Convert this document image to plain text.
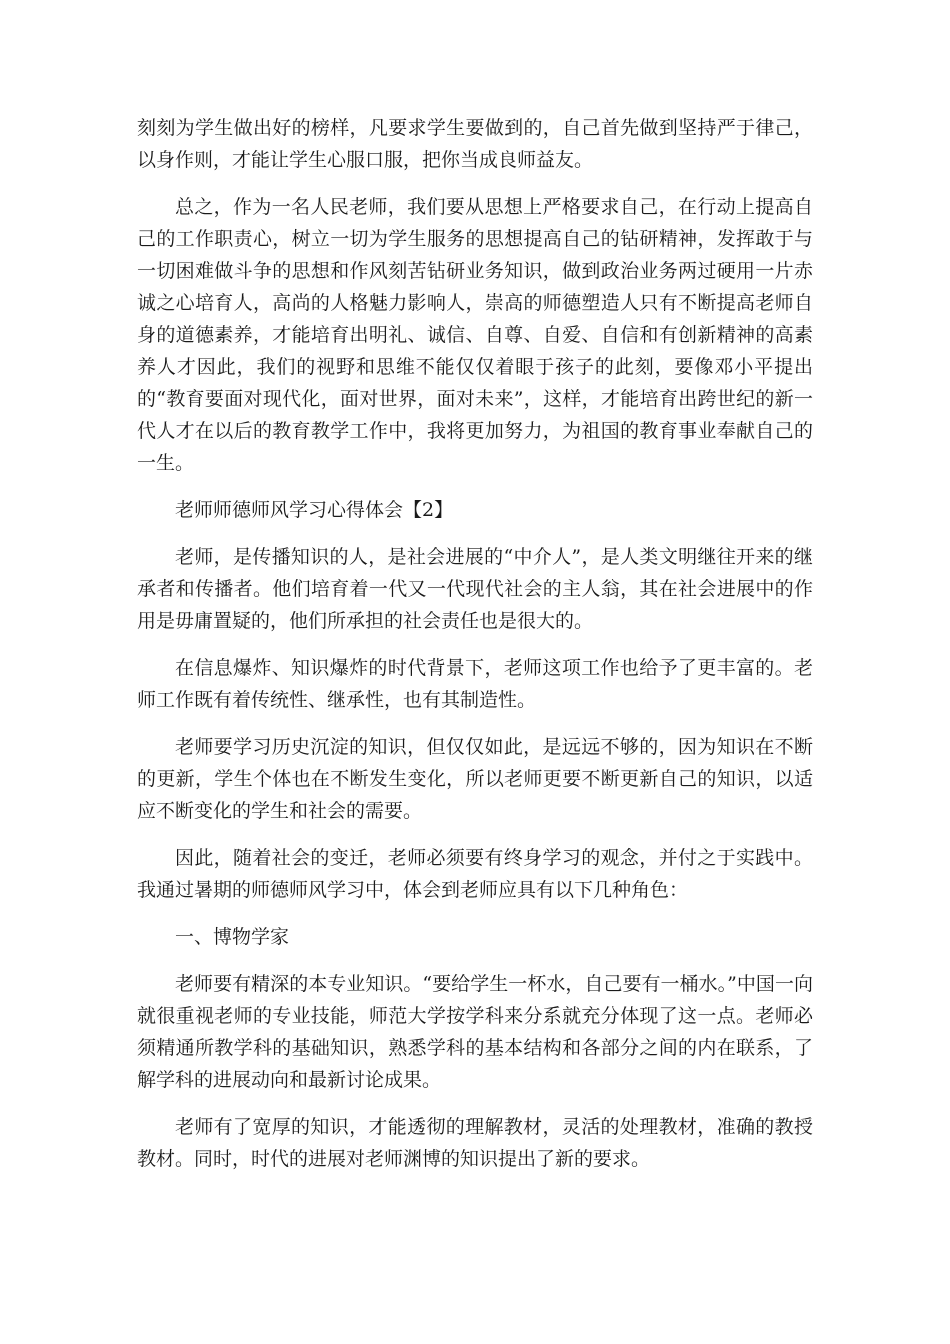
刻刻为学生做出好的榜样，凡要求学生要做到的，自己首先做到坚持严于律己，以身作则，才能让学生心服口服，把你当成良师益友。

总之，作为一名人民老师，我们要从思想上严格要求自己，在行动上提高自己的工作职责心，树立一切为学生服务的思想提高自己的钻研精神，发挥敢于与一切困难做斗争的思想和作风刻苦钻研业务知识，做到政治业务两过硬用一片赤诚之心培育人，高尚的人格魅力影响人，崇高的师德塑造人只有不断提高老师自身的道德素养，才能培育出明礼、诚信、自尊、自爱、自信和有创新精神的高素养人才因此，我们的视野和思维不能仅仅着眼于孩子的此刻，要像邓小平提出的“教育要面对现代化，面对世界，面对未来”，这样，才能培育出跨世纪的新一代人才在以后的教育教学工作中，我将更加努力，为祖国的教育事业奉献自己的一生。

老师师德师风学习心得体会【2】

老师，是传播知识的人，是社会进展的“中介人”，是人类文明继往开来的继承者和传播者。他们培育着一代又一代现代社会的主人翁，其在社会进展中的作用是毋庸置疑的，他们所承担的社会责任也是很大的。

在信息爆炸、知识爆炸的时代背景下，老师这项工作也给予了更丰富的。老师工作既有着传统性、继承性，也有其制造性。

老师要学习历史沉淀的知识，但仅仅如此，是远远不够的，因为知识在不断的更新，学生个体也在不断发生变化，所以老师更要不断更新自己的知识，以适应不断变化的学生和社会的需要。

因此，随着社会的变迁，老师必须要有终身学习的观念，并付之于实践中。我通过暑期的师德师风学习中，体会到老师应具有以下几种角色：

一、博物学家

老师要有精深的本专业知识。“要给学生一杯水，自己要有一桶水。”中国一向就很重视老师的专业技能，师范大学按学科来分系就充分体现了这一点。老师必须精通所教学科的基础知识，熟悉学科的基本结构和各部分之间的内在联系，了解学科的进展动向和最新讨论成果。

老师有了宽厚的知识，才能透彻的理解教材，灵活的处理教材，准确的教授教材。同时，时代的进展对老师渊博的知识提出了新的要求。
